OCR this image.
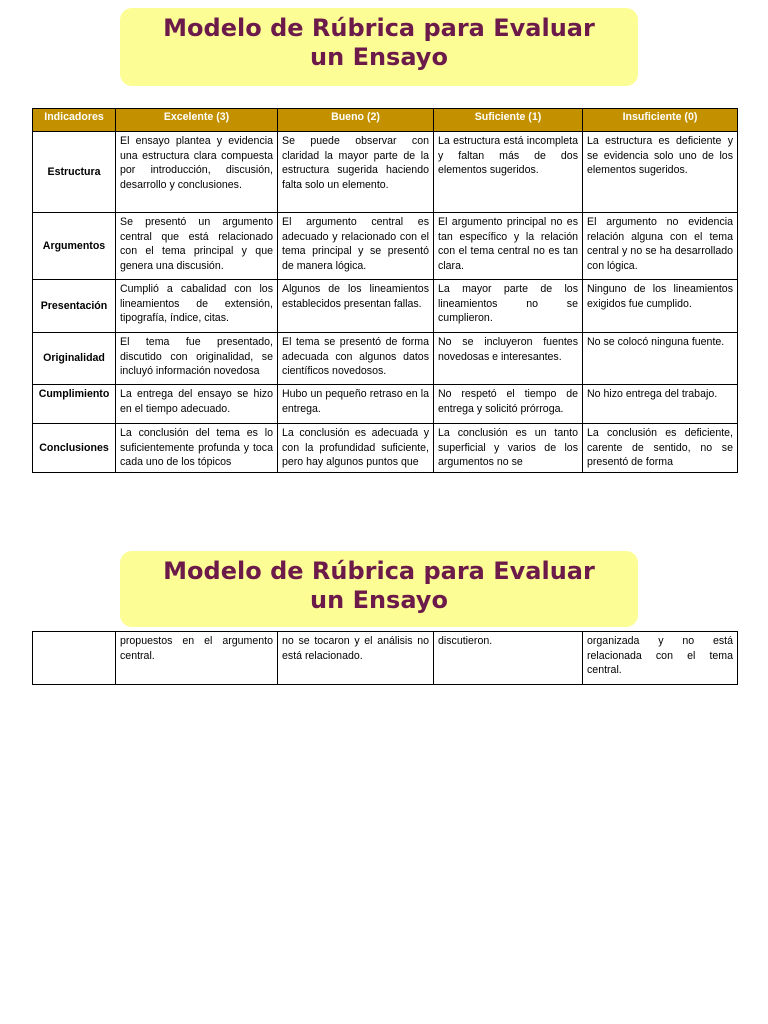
Modelo de Rúbrica para Evaluar
un Ensayo
Indicadores	Excelente (3)	Bueno (2)	Suficiente (1)	Insuficiente (0)
Estructura	El ensayo plantea y evidencia una estructura clara compuesta por introducción, discusión, desarrollo y conclusiones.	Se puede observar con claridad la mayor parte de la estructura sugerida haciendo falta solo un elemento.	La estructura está incompleta y faltan más de dos elementos sugeridos.	La estructura es deficiente y se evidencia solo uno de los elementos sugeridos.
Argumentos	Se presentó un argumento central que está relacionado con el tema principal y que genera una discusión.	El argumento central es adecuado y relacionado con el tema principal y se presentó de manera lógica.	El argumento principal no es tan específico y la relación con el tema central no es tan clara.	El argumento no evidencia relación alguna con el tema central y no se ha desarrollado con lógica.
Presentación	Cumplió a cabalidad con los lineamientos de extensión, tipografía, índice, citas.	Algunos de los lineamientos establecidos presentan fallas.	La mayor parte de los lineamientos no se cumplieron.	Ninguno de los lineamientos exigidos fue cumplido.
Originalidad	El tema fue presentado, discutido con originalidad, se incluyó información novedosa	El tema se presentó de forma adecuada con algunos datos científicos novedosos.	No se incluyeron fuentes novedosas e interesantes.	No se colocó ninguna fuente.
Cumplimiento	La entrega del ensayo se hizo en el tiempo adecuado.	Hubo un pequeño retraso en la entrega.	No respetó el tiempo de entrega y solicitó prórroga.	No hizo entrega del trabajo.
Conclusiones	La conclusión del tema es lo suficientemente profunda y toca cada uno de los tópicos	La conclusión es adecuada y con la profundidad suficiente, pero hay algunos puntos que	La conclusión es un tanto superficial y varios de los argumentos no se	La conclusión es deficiente, carente de sentido, no se presentó de forma
Modelo de Rúbrica para Evaluar
un Ensayo
	propuestos en el argumento central.	no se tocaron y el análisis no está relacionado.	discutieron.	organizada y no está relacionada con el tema central.
